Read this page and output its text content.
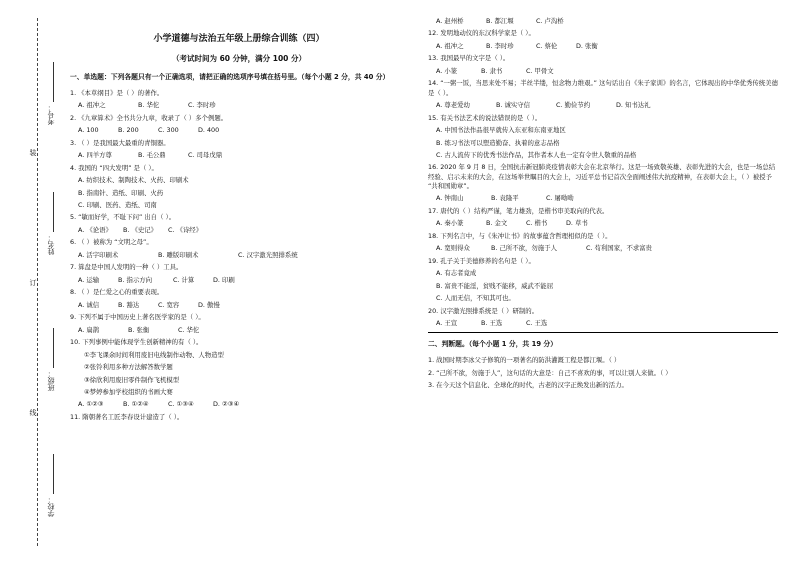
装
订
线
考号：
姓名：
班级：
学校：
小学道德与法治五年级上册综合训练（四）
（考试时间为 60 分钟，满分 100 分）
一、单选题：下列各题只有一个正确选项，请把正确的选项序号填在括号里。（每个小题 2 分，共 40 分）
1. 《本草纲目》是（ ）的著作。
A. 祖冲之	B. 华佗	C. 李时珍
2. 《九章算术》全书共分九章，收录了（ ）多个例题。
A. 100	B. 200	C. 300	D. 400
3. （ ）是我国最大最重的青铜器。
A. 四羊方尊	B. 毛公鼎	C. 司母戊鼎
4. 我国的 “四大发明” 是（ ）。
A. 纺织技术、制陶技术、火药、印刷术
B. 指南针、造纸、印刷、火药
C. 印刷、医药、造纸、司南
5. “敏而好学，不耻下问” 出自（ ）。
A. 《论语》 B. 《史记》 C. 《诗经》
6. （ ）被称为 “文明之母”。
A. 活字印刷术	B. 雕版印刷术	C. 汉字激光照排系统
7. 算盘是中国人发明的一种（ ）工具。
A. 运输	B. 指示方向	C. 计算	D. 印刷
8. （ ）是仁爱之心的重要表现。
A. 诚信	B. 豁达	C. 宽容	D. 傲慢
9. 下列不属于中国历史上著名医学家的是（ ）。
A. 扁鹊	B. 张衡	C. 华佗
10. 下列事例中能体现学生创新精神的有（ ）。
①李飞课余时间利用废旧电线制作动物、人物造型
②张铃利用多种方法解答数学题
③徐欣利用废旧零件制作飞机模型
④梦婷参加学校组织的书画大赛
A. ①②③	B. ①②④	C. ①③④	D. ②③④
11. 隋朝著名工匠李春设计建造了（ ）。
A. 赵州桥	B. 都江堰	C. 卢沟桥
12. 发明地动仪的东汉科学家是（ ）。
A. 祖冲之	B. 李时珍	C. 蔡伦	D. 张衡
13. 我国最早的文字是（ ）。
A. 小篆	B. 隶书	C. 甲骨文
14. “一粥一饭，当思来处不易；半丝半缕，恒念物力维艰。” 这句话出自《朱子家训》的名言，它体现出的中华优秀传统美德是（ ）。
A. 尊老爱幼	B. 诚实守信	C. 勤俭节约	D. 知书达礼
15. 有关书法艺术的说法错误的是（ ）。
A. 中国书法作品很早就传入东亚和东南亚地区
B. 练习书法可以塑造勤奋、执着的意志品格
C. 古人流传下的优秀书法作品，其作者本人也一定有令世人敬重的品格
16. 2020 年 9 月 8 日，全国抗击新冠肺炎疫情表彰大会在北京举行。这是一场致敬英雄、表彰先进的大会，也是一场总结经验、启示未来的大会，在这场举世瞩目的大会上，习近平总书记首次全面阐述伟大抗疫精神，在表彰大会上，（ ）被授予 “共和国勋章”。
A. 钟南山	B. 袁隆平	C. 屠呦呦
17. 唐代的（ ）结构严谨，笔力雄劲，是楷书审美取向的代表。
A. 秦小篆	B. 金文	C. 楷书	D. 草书
18. 下列名言中，与《朱冲让书》的故事蕴含哲理相似的是（ ）。
A. 宽则得众	B. 己所不欲，勿施于人	C. 苟利国家，不求富贵
19. 孔子关于美德修养的名句是（ ）。
A. 有志者竟成
B. 富贵不能淫，贫贱不能移，威武不能屈
C. 人而无信，不知其可也。
20. 汉字激光照排系统是（ ）研制的。
A. 王宣	B. 王选	C. 王选
二、判断题。（每个小题 1 分，共 19 分）
1. 战国时期李冰父子修筑的一项著名的防洪灌溉工程是都江堰。（ ）
2. “己所不欲，勿施于人”，这句话的大意是：自己不喜欢的事，可以让别人来做。（ ）
3. 在今天这个信息化、全球化的时代，古老的汉字正焕发出新的活力。
